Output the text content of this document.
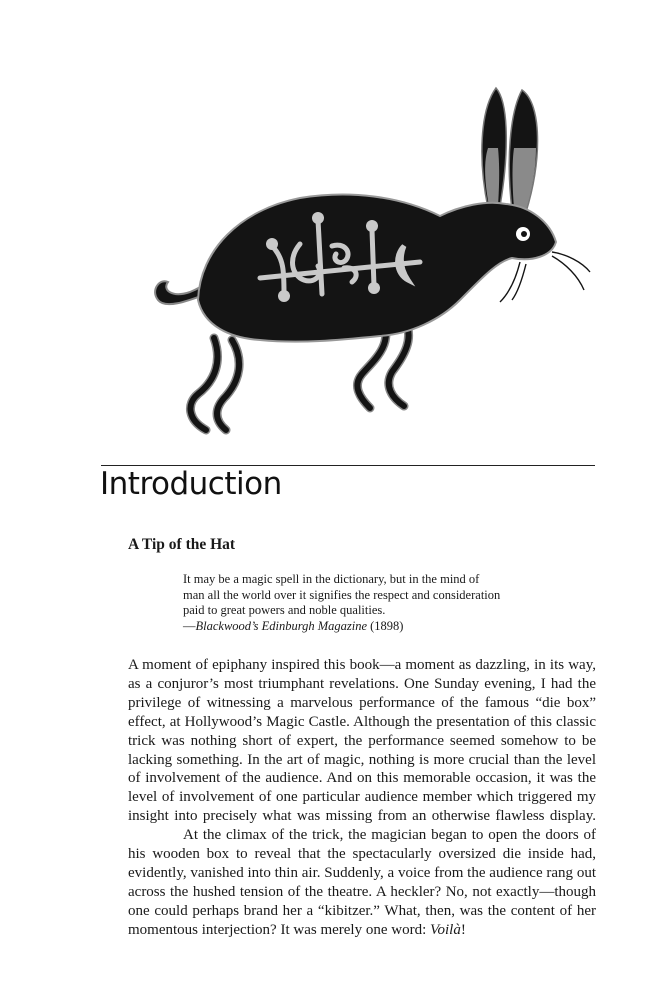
Introduction
A Tip of the Hat
It may be a magic spell in the dictionary, but in the mind of
man all the world over it signifies the respect and consideration
paid to great powers and noble qualities.
—Blackwood’s Edinburgh Magazine (1898)

A moment of epiphany inspired this book—a moment as dazzling, in its way, as a conjuror’s most triumphant revelations. One Sunday evening, I had the privilege of witnessing a marvelous performance of the famous “die box” effect, at Hollywood’s Magic Castle. Although the presentation of this classic trick was nothing short of expert, the performance seemed somehow to be lacking something. In the art of magic, nothing is more crucial than the level of involvement of the audience. And on this memorable occasion, it was the level of involvement of one particular audience member which triggered my insight into precisely what was missing from an otherwise flawless display.

At the climax of the trick, the magician began to open the doors of his wooden box to reveal that the spectacularly oversized die inside had, evidently, vanished into thin air. Suddenly, a voice from the audience rang out across the hushed tension of the theatre. A heckler? No, not exactly—though one could perhaps brand her a “kibitzer.” What, then, was the content of her momentous interjection? It was merely one word: Voilà!
